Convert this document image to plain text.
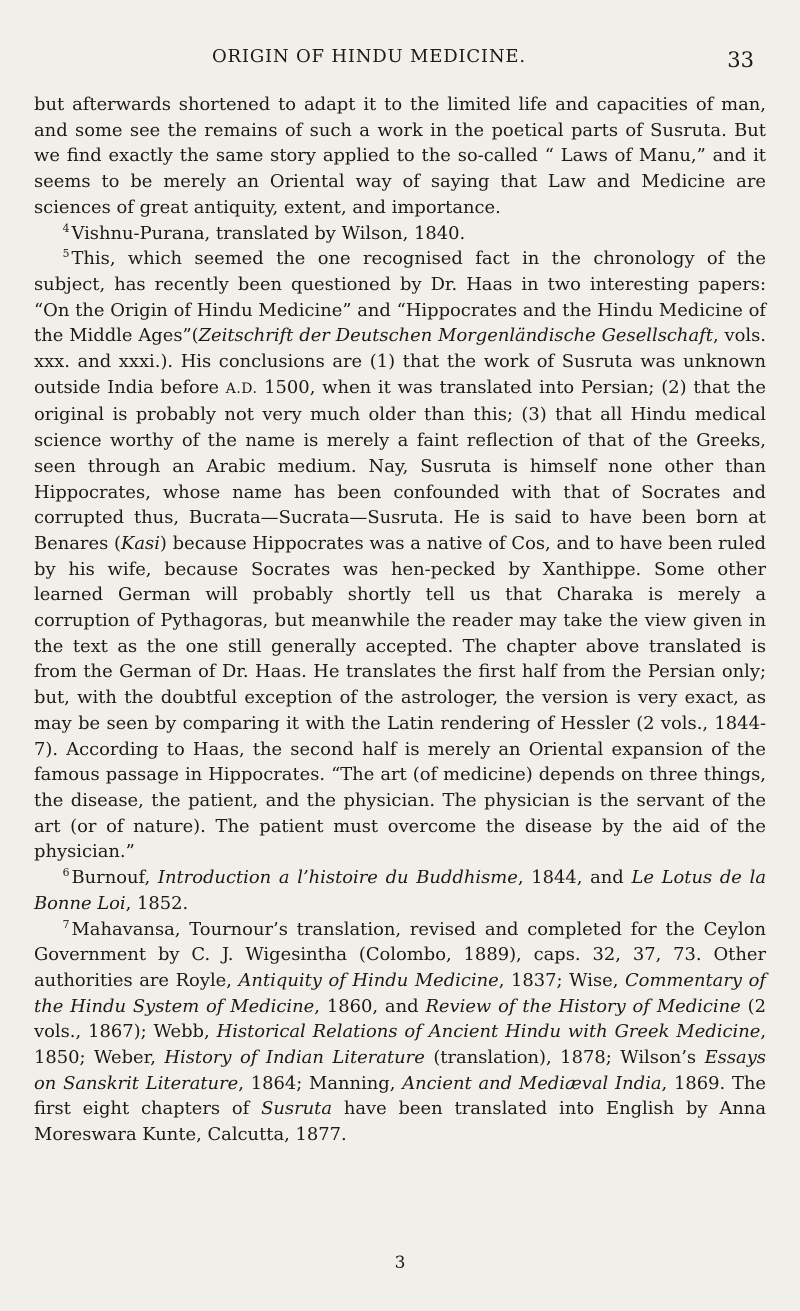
ORIGIN OF HINDU MEDICINE.	33

but afterwards shortened to adapt it to the limited life and capacities of man, and some see the remains of such a work in the poetical parts of Susruta. But we find exactly the same story applied to the so-called “ Laws of Manu,” and it seems to be merely an Oriental way of saying that Law and Medicine are sciences of great antiquity, extent, and importance.

$^4$ Vishnu-Purana, translated by Wilson, 1840.

$^5$ This, which seemed the one recognised fact in the chronology of the subject, has recently been questioned by Dr. Haas in two interesting papers: “On the Origin of Hindu Medicine” and “Hippocrates and the Hindu Medicine of the Middle Ages”(Zeitschrift der Deutschen Morgenländische Gesellschaft, vols. xxx. and xxxi.). His conclusions are (1) that the work of Susruta was unknown outside India before A.D. 1500, when it was translated into Persian; (2) that the original is probably not very much older than this; (3) that all Hindu medical science worthy of the name is merely a faint reflection of that of the Greeks, seen through an Arabic medium. Nay, Susruta is himself none other than Hippocrates, whose name has been confounded with that of Socrates and corrupted thus, Bucrata—Sucrata—Susruta. He is said to have been born at Benares (Kasi) because Hippocrates was a native of Cos, and to have been ruled by his wife, because Socrates was hen-pecked by Xanthippe. Some other learned German will probably shortly tell us that Charaka is merely a corruption of Pythagoras, but meanwhile the reader may take the view given in the text as the one still generally accepted. The chapter above translated is from the German of Dr. Haas. He translates the first half from the Persian only; but, with the doubtful exception of the astrologer, the version is very exact, as may be seen by comparing it with the Latin rendering of Hessler (2 vols., 1844-7). According to Haas, the second half is merely an Oriental expansion of the famous passage in Hippocrates. “The art (of medicine) depends on three things, the disease, the patient, and the physician. The physician is the servant of the art (or of nature). The patient must overcome the disease by the aid of the physician.”

$^6$ Burnouf, Introduction a l’histoire du Buddhisme, 1844, and Le Lotus de la Bonne Loi, 1852.

$^7$ Mahavansa, Tournour’s translation, revised and completed for the Ceylon Government by C. J. Wigesintha (Colombo, 1889), caps. 32, 37, 73. Other authorities are Royle, Antiquity of Hindu Medicine, 1837; Wise, Commentary of the Hindu System of Medicine, 1860, and Review of the History of Medicine (2 vols., 1867); Webb, Historical Relations of Ancient Hindu with Greek Medicine, 1850; Weber, History of Indian Literature (translation), 1878; Wilson’s Essays on Sanskrit Literature, 1864; Manning, Ancient and Mediæval India, 1869. The first eight chapters of Susruta have been translated into English by Anna Moreswara Kunte, Calcutta, 1877.

3
